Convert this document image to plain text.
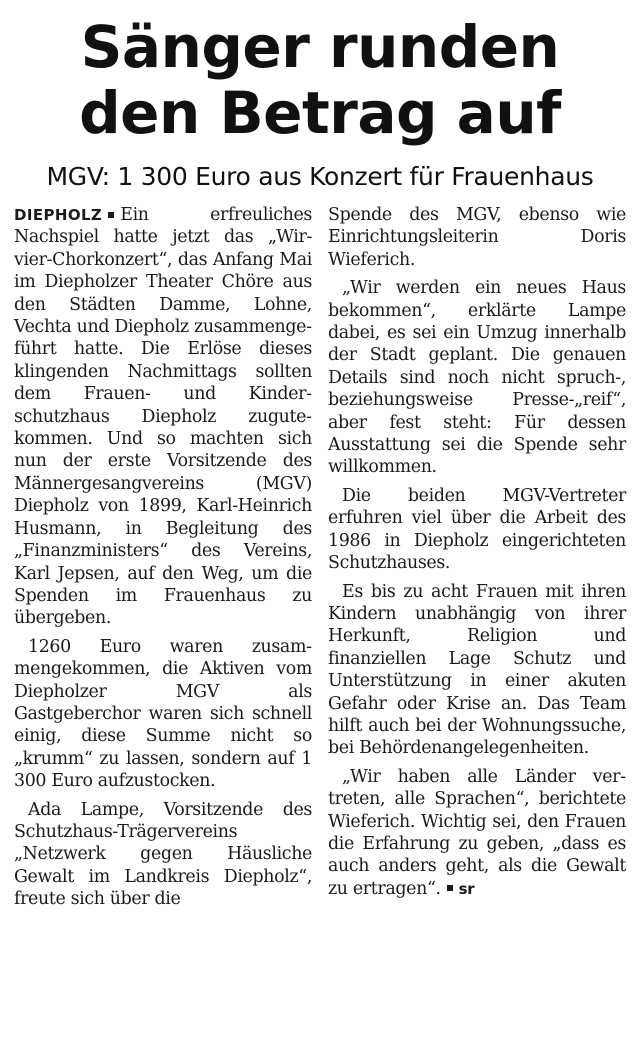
Sänger runden
den Betrag auf
MGV: 1 300 Euro aus Konzert für Frauenhaus

DIEPHOLZ Ein erfreuliches Nachspiel hatte jetzt das „Wir-vier-Chorkonzert“, das Anfang Mai im Diepholzer Theater Chöre aus den Städten Damme, Lohne, Vechta und Diepholz zusammengeführt hatte. Die Erlöse dieses klingenden Nachmittags sollten dem Frauen- und Kinderschutzhaus Diepholz zugutekommen. Und so machten sich nun der erste Vorsitzende des Männergesangvereins (MGV) Diepholz von 1899, Karl-Heinrich Husmann, in Begleitung des „Finanzministers“ des Vereins, Karl Jepsen, auf den Weg, um die Spenden im Frauenhaus zu übergeben.

1260 Euro waren zusammengekommen, die Aktiven vom Diepholzer MGV als Gastgeberchor waren sich schnell einig, diese Summe nicht so „krumm“ zu lassen, sondern auf 1 300 Euro aufzustocken.

Ada Lampe, Vorsitzende des Schutzhaus-Trägervereins „Netzwerk gegen Häusliche Gewalt im Landkreis Diepholz“, freute sich über die

Spende des MGV, ebenso wie Einrichtungsleiterin Doris Wieferich.

„Wir werden ein neues Haus bekommen“, erklärte Lampe dabei, es sei ein Umzug innerhalb der Stadt geplant. Die genauen Details sind noch nicht spruch-, beziehungsweise Presse-„reif“, aber fest steht: Für dessen Ausstattung sei die Spende sehr willkommen.

Die beiden MGV-Vertreter erfuhren viel über die Arbeit des 1986 in Diepholz eingerichteten Schutzhauses.

Es bis zu acht Frauen mit ihren Kindern unabhängig von ihrer Herkunft, Religion und finanziellen Lage Schutz und Unterstützung in einer akuten Gefahr oder Krise an. Das Team hilft auch bei der Wohnungssuche, bei Behördenangelegenheiten.

„Wir haben alle Länder vertreten, alle Sprachen“, berichtete Wieferich. Wichtig sei, den Frauen die Erfahrung zu geben, „dass es auch anders geht, als die Gewalt zu ertragen“. sr
